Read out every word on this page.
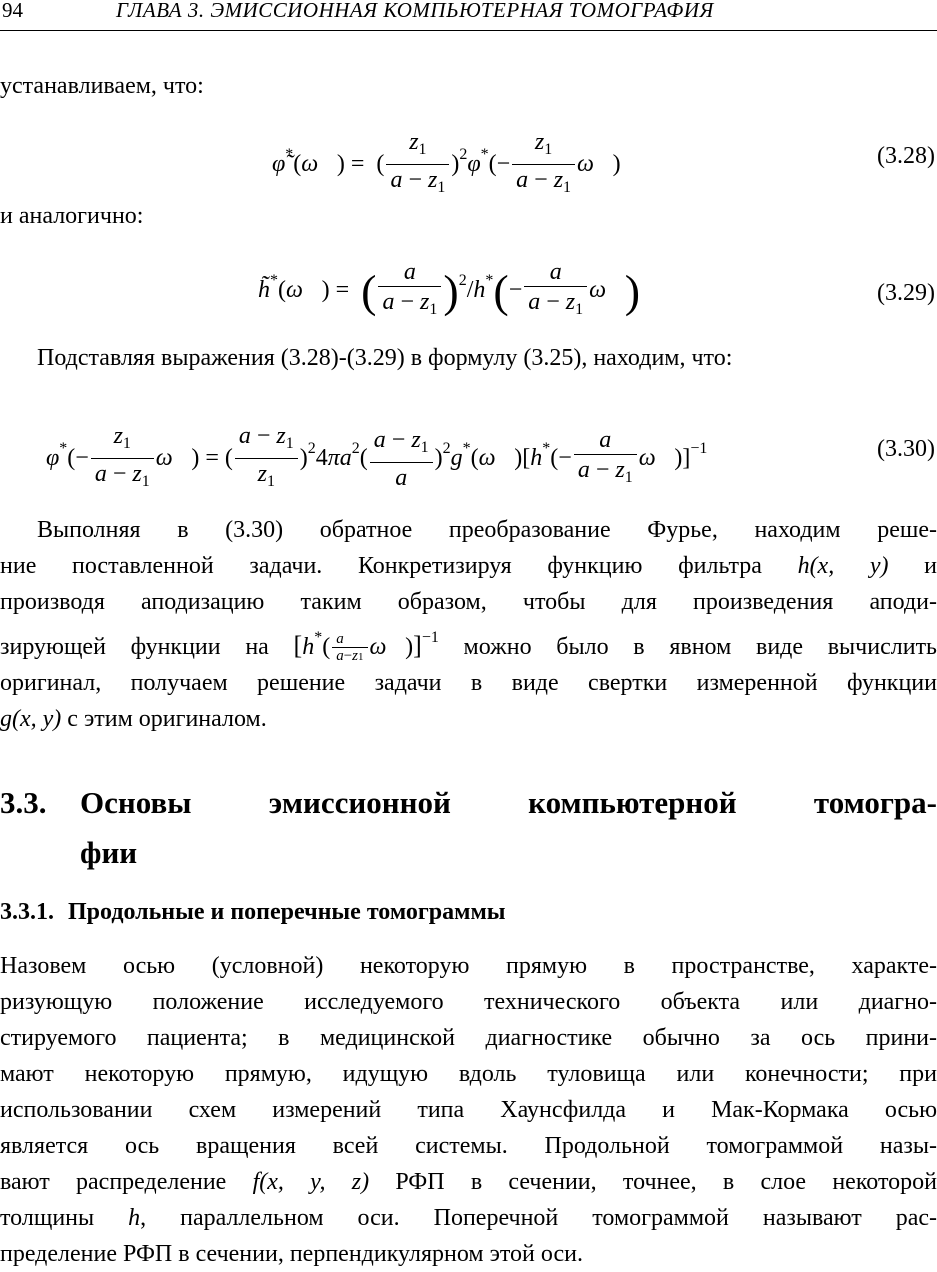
94	ГЛАВА 3. ЭМИССИОННАЯ КОМПЬЮТЕРНАЯ ТОМОГРАФИЯ
устанавливаем, что:
φ̃*(ω⃗) =  ( $\frac{z_1}{a - z_1} )^2\varphi^*(- \frac{z_1}{a - z_1}$ ω⃗)	(3.28)
и аналогично:
h̃*(ω⃗) =  ( $\frac{a}{a - z_1} )^2/h^*(- \frac{a}{a - z_1}$ ω⃗)	(3.29)
Подставляя выражения (3.28)-(3.29) в формулу (3.25), находим, что:
$\varphi^*(- \frac{z_1}{a - z_1}$ ω⃗) = ( $\frac{a - z_1}{z_1} )^24\pi a^2( \frac{a - z_1}{a}$ )$^2g^*(\omega⃗)[h^*(- \frac{a}{a - z_1}$ ω⃗)]$^{-1}$	(3.30)
Выполняя в (3.30) обратное преобразование Фурье, находим реше-
ние поставленной задачи. Конкретизируя функцию фильтра h(x, y) и
производя аподизацию таким образом, чтобы для произведения аподи-
зирующей функции на [$h^*( \frac{a}{a-z1}$ ω⃗)]$^{-1}$ можно было в явном виде вычислить
оригинал, получаем решение задачи в виде свертки измеренной функции
g(x, y) с этим оригиналом.
3.3. Основы эмиссионной компьютерной томогра-
фии
3.3.1. Продольные и поперечные томограммы
Назовем осью (условной) некоторую прямую в пространстве, характе-
ризующую положение исследуемого технического объекта или диагно-
стируемого пациента; в медицинской диагностике обычно за ось прини-
мают некоторую прямую, идущую вдоль туловища или конечности; при
использовании схем измерений типа Хаунсфилда и Мак-Кормака осью
является ось вращения всей системы. Продольной томограммой назы-
вают распределение f(x, y, z) РФП в сечении, точнее, в слое некоторой
толщины h, параллельном оси. Поперечной томограммой называют рас-
пределение РФП в сечении, перпендикулярном этой оси.
